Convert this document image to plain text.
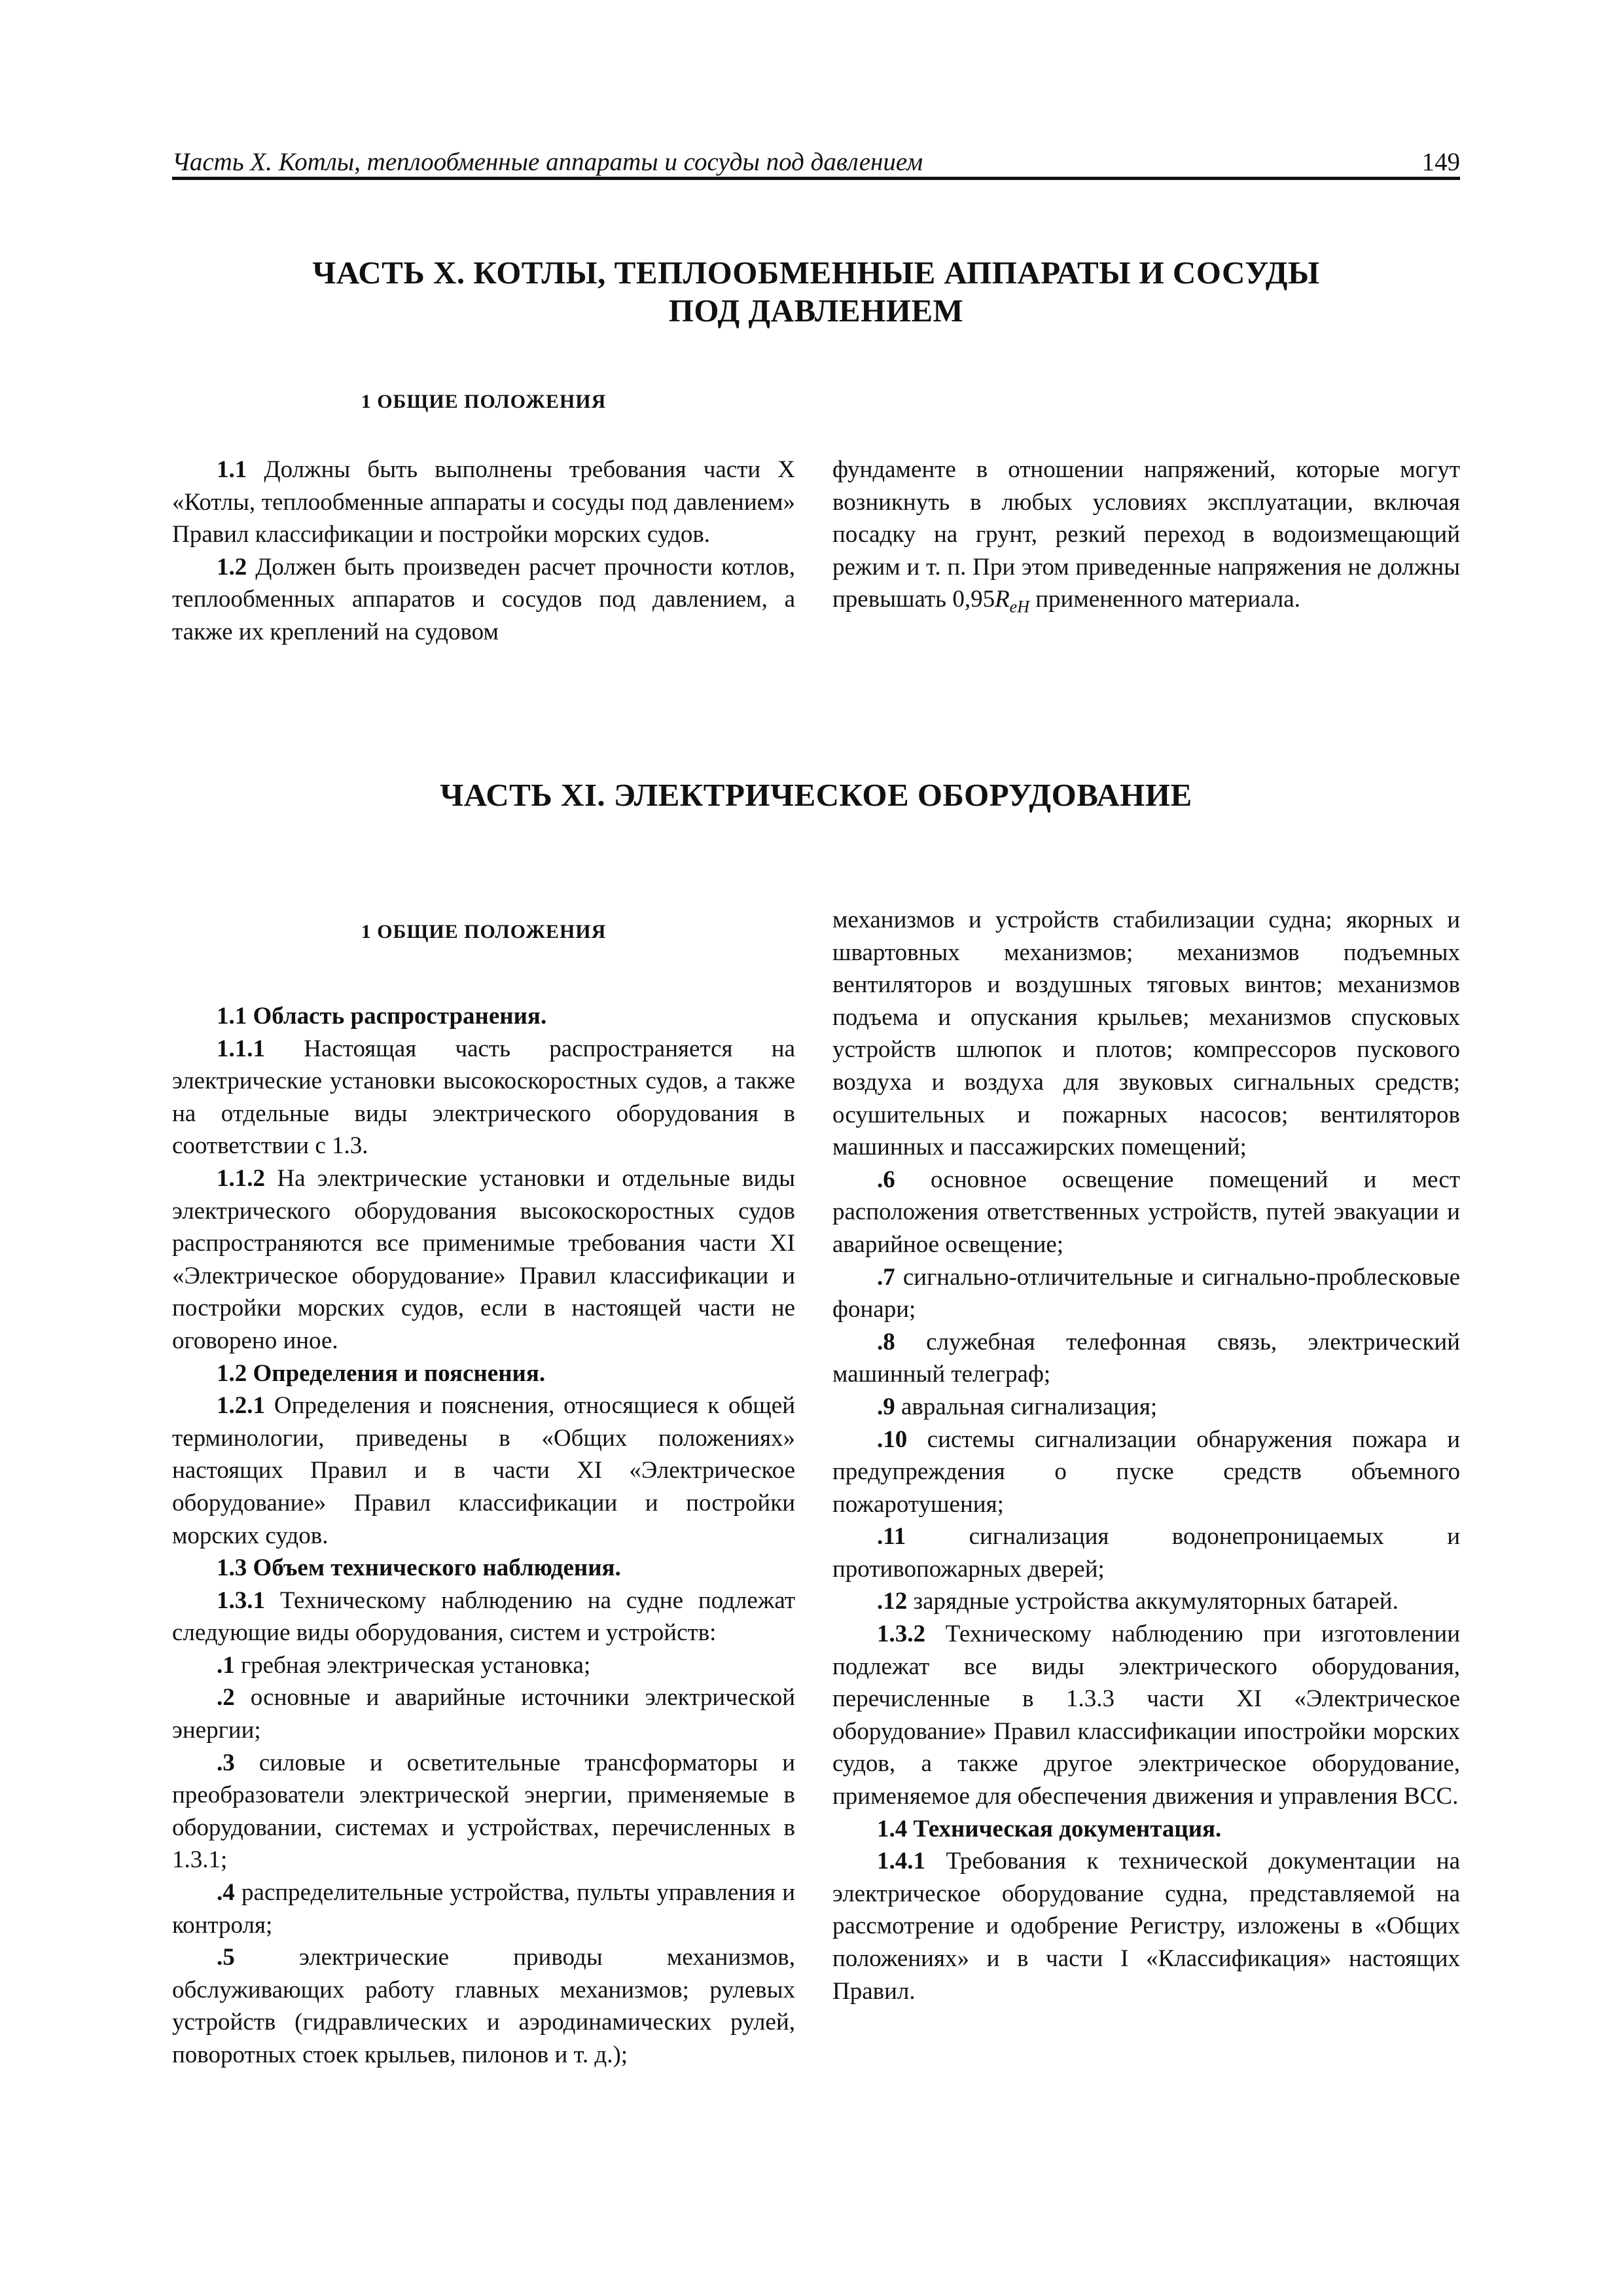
Часть X. Котлы, теплообменные аппараты и сосуды под давлением	149
ЧАСТЬ X. КОТЛЫ, ТЕПЛООБМЕННЫЕ АППАРАТЫ И СОСУДЫ
ПОД ДАВЛЕНИЕМ
1 ОБЩИЕ ПОЛОЖЕНИЯ

1.1 Должны быть выполнены требования части X «Котлы, теплообменные аппараты и сосуды под давлением» Правил классификации и постройки морских судов.

1.2 Должен быть произведен расчет прочности котлов, теплообменных аппаратов и сосудов под давлением, а также их креплений на судовом

фундаменте в отношении напряжений, которые могут возникнуть в любых условиях эксплуатации, включая посадку на грунт, резкий переход в водоизмещающий режим и т. п. При этом приведенные напряжения не должны превышать $0,95R_{eH}$ примененного материала.

ЧАСТЬ XI. ЭЛЕКТРИЧЕСКОЕ ОБОРУДОВАНИЕ
1 ОБЩИЕ ПОЛОЖЕНИЯ

1.1 Область распространения.

1.1.1 Настоящая часть распространяется на электрические установки высокоскоростных судов, а также на отдельные виды электрического оборудования в соответствии с 1.3.

1.1.2 На электрические установки и отдельные виды электрического оборудования высокоскоростных судов распространяются все применимые требования части XI «Электрическое оборудование» Правил классификации и постройки морских судов, если в настоящей части не оговорено иное.

1.2 Определения и пояснения.

1.2.1 Определения и пояснения, относящиеся к общей терминологии, приведены в «Общих положениях» настоящих Правил и в части XI «Электрическое оборудование» Правил классификации и постройки морских судов.

1.3 Объем технического наблюдения.

1.3.1 Техническому наблюдению на судне подлежат следующие виды оборудования, систем и устройств:

.1 гребная электрическая установка;

.2 основные и аварийные источники электрической энергии;

.3 силовые и осветительные трансформаторы и преобразователи электрической энергии, применяемые в оборудовании, системах и устройствах, перечисленных в 1.3.1;

.4 распределительные устройства, пульты управления и контроля;

.5 электрические приводы механизмов, обслуживающих работу главных механизмов; рулевых устройств (гидравлических и аэродинамических рулей, поворотных стоек крыльев, пилонов и т. д.);

механизмов и устройств стабилизации судна; якорных и швартовных механизмов; механизмов подъемных вентиляторов и воздушных тяговых винтов; механизмов подъема и опускания крыльев; механизмов спусковых устройств шлюпок и плотов; компрессоров пускового воздуха и воздуха для звуковых сигнальных средств; осушительных и пожарных насосов; вентиляторов машинных и пассажирских помещений;

.6 основное освещение помещений и мест расположения ответственных устройств, путей эвакуации и аварийное освещение;

.7 сигнально-отличительные и сигнально-проблесковые фонари;

.8 служебная телефонная связь, электрический машинный телеграф;

.9 авральная сигнализация;

.10 системы сигнализации обнаружения пожара и предупреждения о пуске средств объемного пожаротушения;

.11 сигнализация водонепроницаемых и противопожарных дверей;

.12 зарядные устройства аккумуляторных батарей.

1.3.2 Техническому наблюдению при изготовлении подлежат все виды электрического оборудования, перечисленные в 1.3.3 части XI «Электрическое оборудование» Правил классификации ипостройки морских судов, а также другое электрическое оборудование, применяемое для обеспечения движения и управления ВСС.

1.4 Техническая документация.

1.4.1 Требования к технической документации на электрическое оборудование судна, представляемой на рассмотрение и одобрение Регистру, изложены в «Общих положениях» и в части I «Классификация» настоящих Правил.
